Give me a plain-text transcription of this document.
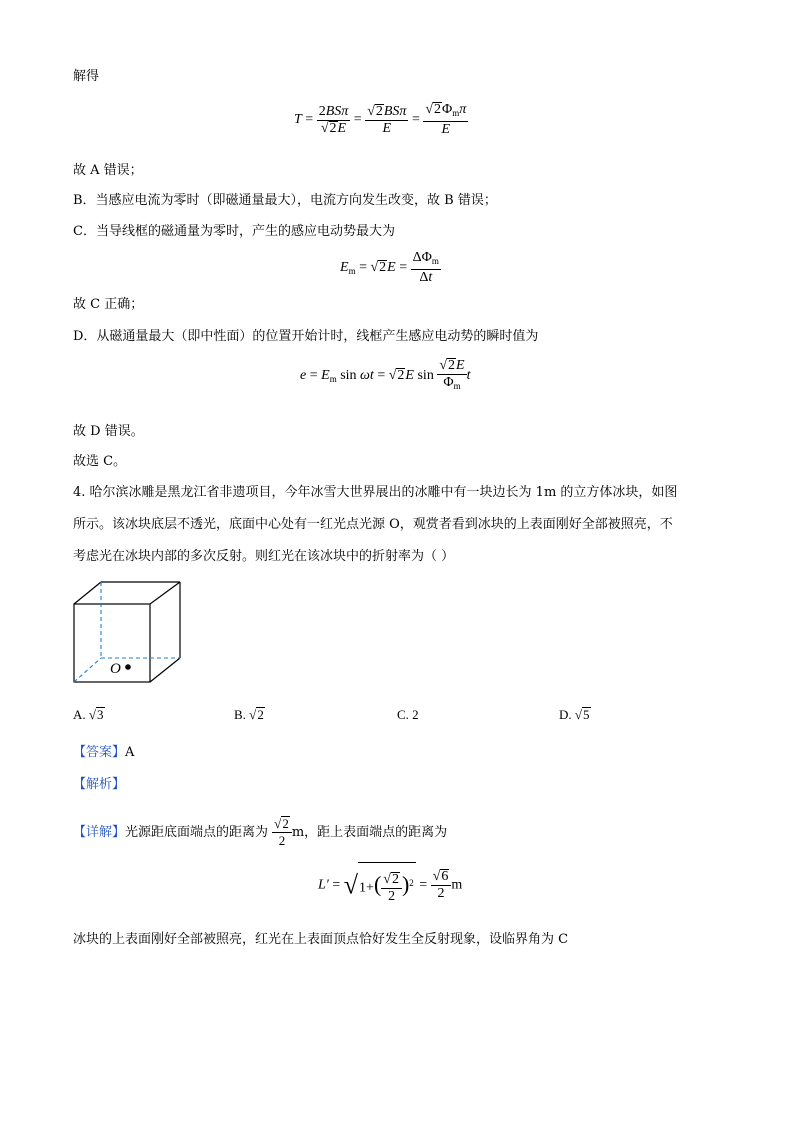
解得
$T = \frac{\text{2BSπ}}{√2E} = \frac{\text{√2BSπ}}{E} = \frac{√2\Phi_m\pi}{E}$
故 A 错误；
B．当感应电流为零时（即磁通量最大），电流方向发生改变，故 B 错误；
C．当导线框的磁通量为零时，产生的感应电动势最大为
$E_m = √2E = \frac{\Delta\Phi_m}{\Delta t}$
故 C 正确；
D．从磁通量最大（即中性面）的位置开始计时，线框产生感应电动势的瞬时值为
$e = E_m$ sin ωt = √2E $\sin \frac{√2E}{\Phi_m}$ t
故 D 错误。
故选 C。
4. 哈尔滨冰雕是黑龙江省非遗项目，今年冰雪大世界展出的冰雕中有一块边长为 1m 的立方体冰块，如图
所示。该冰块底层不透光，底面中心处有一红光点光源 O，观赏者看到冰块的上表面刚好全部被照亮，不
考虑光在冰块内部的多次反射。则红光在该冰块中的折射率为（ ）
O
A. √3	B. √2	C. 2	D. √5
【答案】A
【解析】
【详解】光源距底面端点的距离为 $\frac{√2}{2}$ m，距上表面端点的距离为
$L' = √1+( \frac{√2}{2} )^2 = \frac{√6}{2}$ m
冰块的上表面刚好全部被照亮，红光在上表面顶点恰好发生全反射现象，设临界角为 C
